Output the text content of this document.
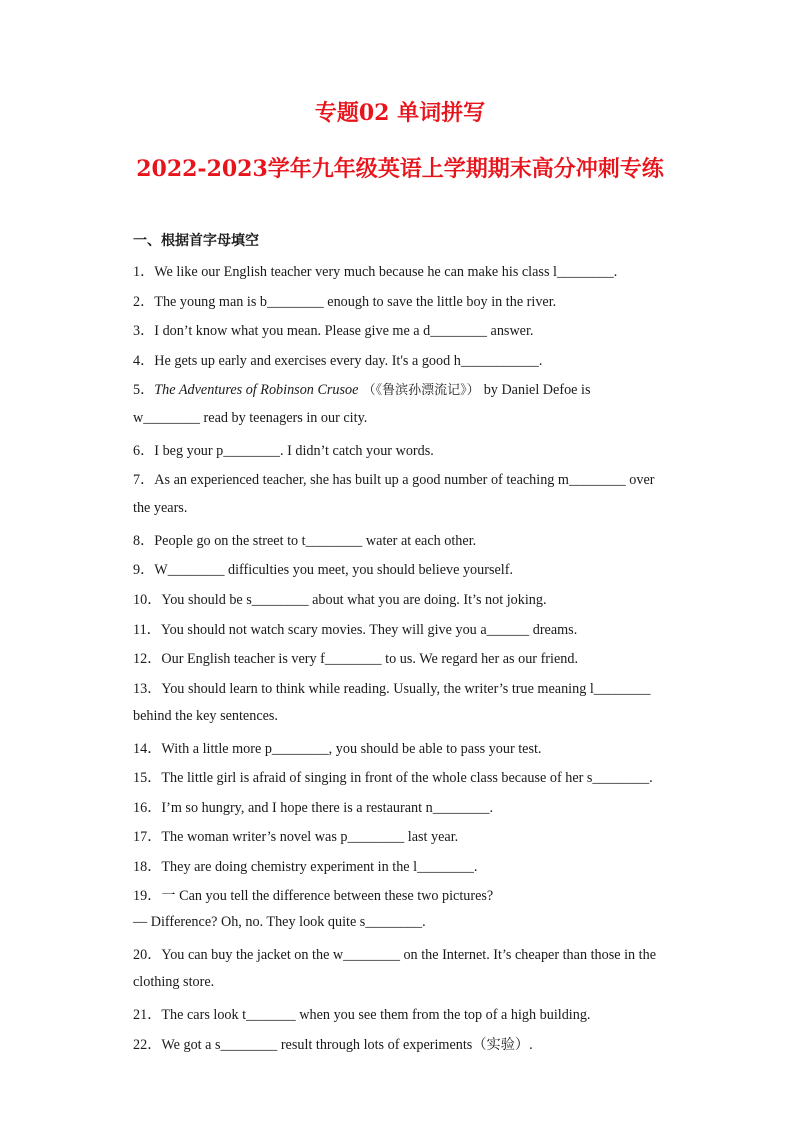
专题02 单词拼写
2022-2023学年九年级英语上学期期末高分冲刺专练
一、根据首字母填空
1．We like our English teacher very much because he can make his class l________.
2．The young man is b________ enough to save the little boy in the river.
3．I don’t know what you mean. Please give me a d________ answer.
4．He gets up early and exercises every day. It's a good h___________.
5．The Adventures of Robinson Crusoe （《鲁滨孙漂流记》） by Daniel Defoe is
w________ read by teenagers in our city.
6．I beg your p________. I didn’t catch your words.
7．As an experienced teacher, she has built up a good number of teaching m________ over
the years.
8．People go on the street to t________ water at each other.
9．W________ difficulties you meet, you should believe yourself.
10．You should be s________ about what you are doing. It’s not joking.
11．You should not watch scary movies. They will give you a______ dreams.
12．Our English teacher is very f________ to us. We regard her as our friend.
13．You should learn to think while reading. Usually, the writer’s true meaning l________
behind the key sentences.
14．With a little more p________, you should be able to pass your test.
15．The little girl is afraid of singing in front of the whole class because of her s________.
16．I’m so hungry, and I hope there is a restaurant n________.
17．The woman writer’s novel was p________ last year.
18．They are doing chemistry experiment in the l________.
19．一 Can you tell the difference between these two pictures?
— Difference? Oh, no. They look quite s________.
20．You can buy the jacket on the w________ on the Internet. It’s cheaper than those in the
clothing store.
21．The cars look t_______ when you see them from the top of a high building.
22．We got a s________ result through lots of experiments（实验）.
